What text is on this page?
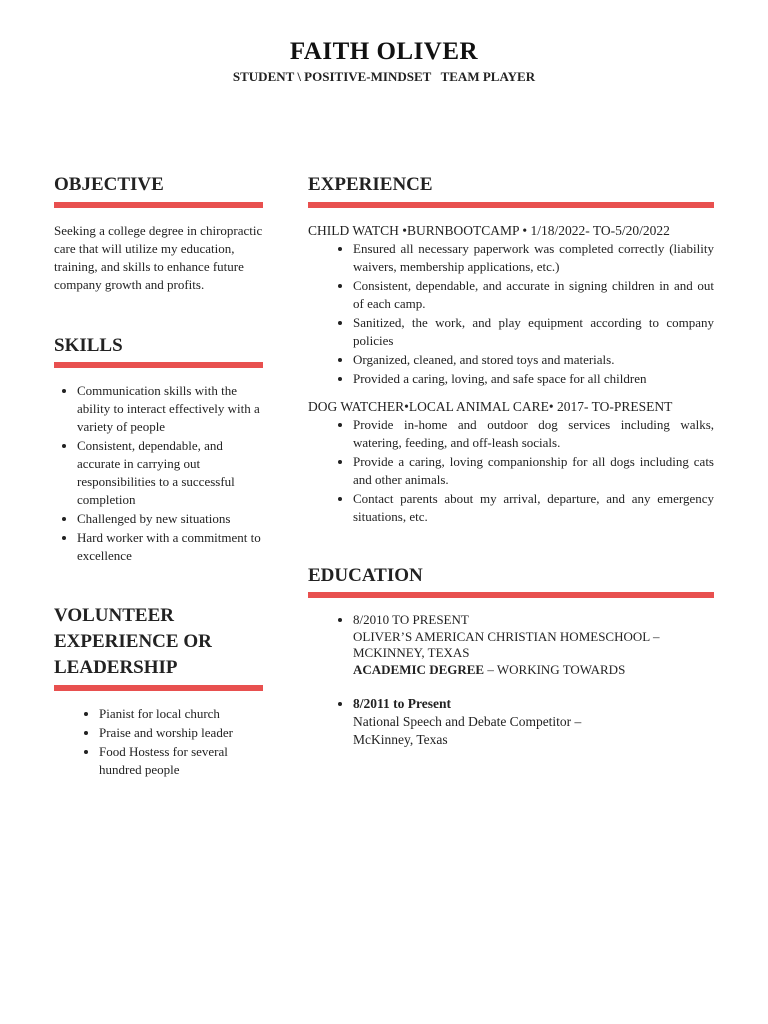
FAITH OLIVER
STUDENT \ POSITIVE-MINDSET   TEAM PLAYER
OBJECTIVE

Seeking a college degree in chiropractic care that will utilize my education, training, and skills to enhance future company growth and profits.

SKILLS
• Communication skills with the ability to interact effectively with a variety of people
• Consistent, dependable, and accurate in carrying out responsibilities to a successful completion
• Challenged by new situations
• Hard worker with a commitment to excellence
VOLUNTEER EXPERIENCE OR LEADERSHIP
• Pianist for local church
• Praise and worship leader
• Food Hostess for several hundred people
EXPERIENCE

CHILD WATCH •BURNBOOTCAMP • 1/18/2022- TO-5/20/2022

• Ensured all necessary paperwork was completed correctly (liability waivers, membership applications, etc.)
• Consistent, dependable, and accurate in signing children in and out of each camp.
• Sanitized, the work, and play equipment according to company policies
• Organized, cleaned, and stored toys and materials.
• Provided a caring, loving, and safe space for all children

DOG WATCHER•LOCAL ANIMAL CARE• 2017- TO-PRESENT

• Provide in-home and outdoor dog services including walks, watering, feeding, and off-leash socials.
• Provide a caring, loving companionship for all dogs including cats and other animals.
• Contact parents about my arrival, departure, and any emergency situations, etc.
EDUCATION
• 8/2010 TO PRESENT
OLIVER’S AMERICAN CHRISTIAN HOMESCHOOL – MCKINNEY, TEXAS
ACADEMIC DEGREE – WORKING TOWARDS
• 8/2011 to Present
National Speech and Debate Competitor –
McKinney, Texas
